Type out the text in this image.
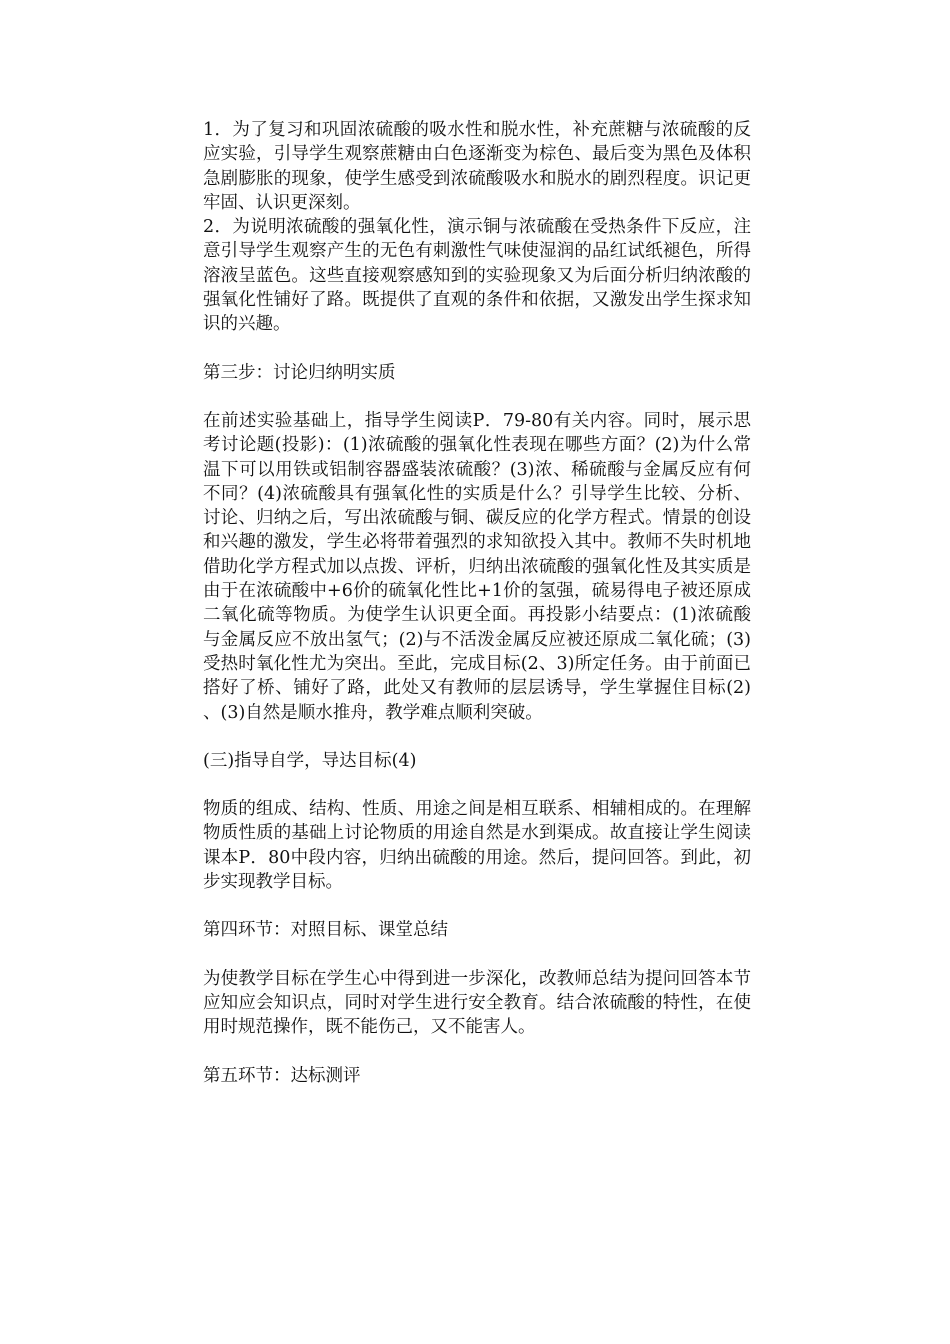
1．为了复习和巩固浓硫酸的吸水性和脱水性，补充蔗糖与浓硫酸的反应实验，引导学生观察蔗糖由白色逐渐变为棕色、最后变为黑色及体积急剧膨胀的现象，使学生感受到浓硫酸吸水和脱水的剧烈程度。识记更牢固、认识更深刻。

2．为说明浓硫酸的强氧化性，演示铜与浓硫酸在受热条件下反应，注意引导学生观察产生的无色有刺激性气味使湿润的品红试纸褪色，所得溶液呈蓝色。这些直接观察感知到的实验现象又为后面分析归纳浓酸的强氧化性铺好了路。既提供了直观的条件和依据，又激发出学生探求知识的兴趣。

第三步：讨论归纳明实质

在前述实验基础上，指导学生阅读P．79-80有关内容。同时，展示思考讨论题(投影)：(1)浓硫酸的强氧化性表现在哪些方面？(2)为什么常温下可以用铁或铝制容器盛装浓硫酸？(3)浓、稀硫酸与金属反应有何不同？(4)浓硫酸具有强氧化性的实质是什么？引导学生比较、分析、讨论、归纳之后，写出浓硫酸与铜、碳反应的化学方程式。情景的创设和兴趣的激发，学生必将带着强烈的求知欲投入其中。教师不失时机地借助化学方程式加以点拨、评析，归纳出浓硫酸的强氧化性及其实质是由于在浓硫酸中+6价的硫氧化性比+1价的氢强，硫易得电子被还原成二氧化硫等物质。为使学生认识更全面。再投影小结要点：(1)浓硫酸与金属反应不放出氢气；(2)与不活泼金属反应被还原成二氧化硫；(3)受热时氧化性尤为突出。至此，完成目标(2、3)所定任务。由于前面已搭好了桥、铺好了路，此处又有教师的层层诱导，学生掌握住目标(2)、(3)自然是顺水推舟，教学难点顺利突破。

(三)指导自学，导达目标(4)

物质的组成、结构、性质、用途之间是相互联系、相辅相成的。在理解物质性质的基础上讨论物质的用途自然是水到渠成。故直接让学生阅读课本P．80中段内容，归纳出硫酸的用途。然后，提问回答。到此，初步实现教学目标。

第四环节：对照目标、课堂总结

为使教学目标在学生心中得到进一步深化，改教师总结为提问回答本节应知应会知识点，同时对学生进行安全教育。结合浓硫酸的特性，在使用时规范操作，既不能伤己，又不能害人。

第五环节：达标测评
